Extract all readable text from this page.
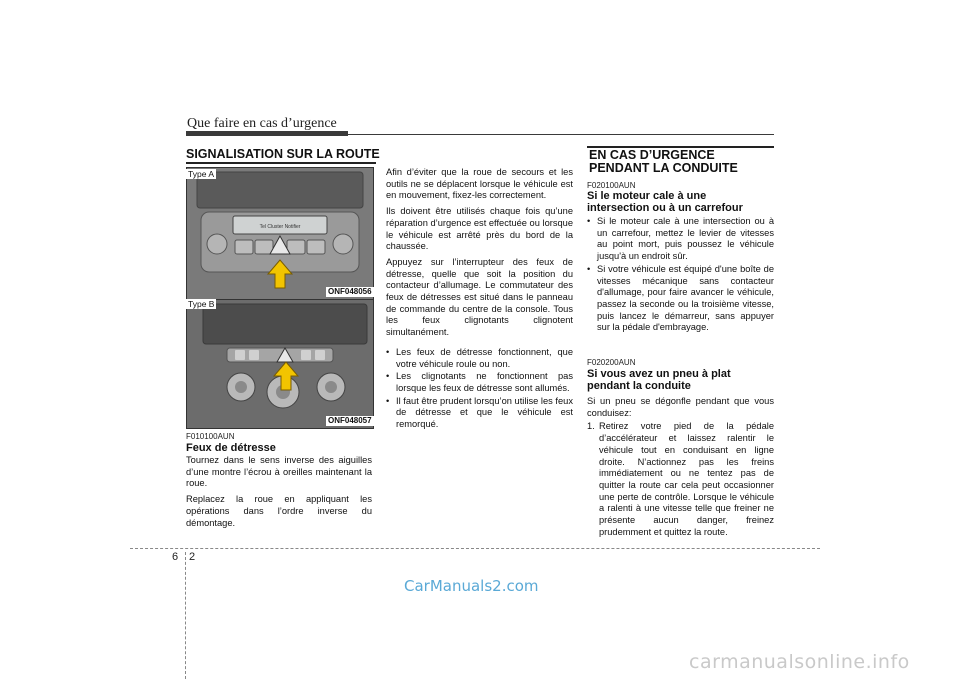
Que faire en cas d’urgence
SIGNALISATION SUR LA ROUTE
Tel Cluster Notifier
Type A
ONF048056
Type B
ONF048057
F010100AUN
Feux de détresse

Tournez dans le sens inverse des aiguilles d’une montre l’écrou à oreilles maintenant la roue.

Replacez la roue en appliquant les opérations dans l’ordre inverse du démontage.

Afin d’éviter que la roue de secours et les outils ne se déplacent lorsque le véhicule est en mouvement, fixez-les correctement.

Ils doivent être utilisés chaque fois qu’une réparation d’urgence est effectuée ou lorsque le véhicule est arrêté près du bord de la chaussée.

Appuyez sur l’interrupteur des feux de détresse, quelle que soit la position du contacteur d’allumage. Le commutateur des feux de détresses est situé dans le panneau de commande du centre de la console. Tous les feux clignotants clignotent simultanément.

• Les feux de détresse fonctionnent, que votre véhicule roule ou non.
• Les clignotants ne fonctionnent pas lorsque les feux de détresse sont allumés.
• Il faut être prudent lorsqu’on utilise les feux de détresse et que le véhicule est remorqué.
EN CAS D’URGENCE
PENDANT LA CONDUITE
F020100AUN
Si le moteur cale à une
intersection ou à un carrefour
• Si le moteur cale à une intersection ou à un carrefour, mettez le levier de vitesses au point mort, puis poussez le véhicule jusqu'à un endroit sûr.
• Si votre véhicule est équipé d'une boîte de vitesses mécanique sans contacteur d'allumage, pour faire avancer le véhicule, passez la seconde ou la troisième vitesse, puis lancez le démarreur, sans appuyer sur la pédale d'embrayage.
F020200AUN
Si vous avez un pneu à plat
pendant la conduite

Si un pneu se dégonfle pendant que vous conduisez:

1. Retirez votre pied de la pédale d’accélérateur et laissez ralentir le véhicule tout en conduisant en ligne droite. N’actionnez pas les freins immédiatement ou ne tentez pas de quitter la route car cela peut occasionner une perte de contrôle. Lorsque le véhicule a ralenti à une vitesse telle que freiner ne présente aucun danger, freinez prudemment et quittez la route.
6 2
CarManuals2.com
carmanualsonline.info
